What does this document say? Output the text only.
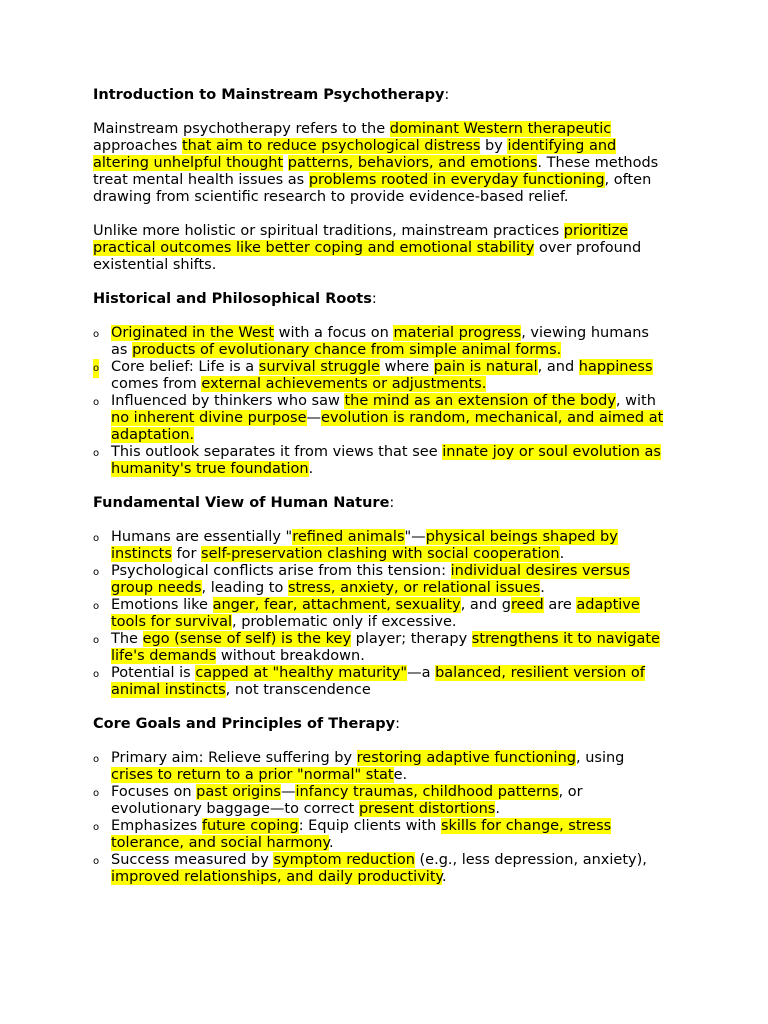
Introduction to Mainstream Psychotherapy:

Mainstream psychotherapy refers to the dominant Western therapeutic approaches that aim to reduce psychological distress by identifying and altering unhelpful thought patterns, behaviors, and emotions. These methods treat mental health issues as problems rooted in everyday functioning, often drawing from scientific research to provide evidence-based relief.

Unlike more holistic or spiritual traditions, mainstream practices prioritize practical outcomes like better coping and emotional stability over profound existential shifts.

Historical and Philosophical Roots:
o Originated in the West with a focus on material progress, viewing humans as products of evolutionary chance from simple animal forms.
o Core belief: Life is a survival struggle where pain is natural, and happiness comes from external achievements or adjustments.
o Influenced by thinkers who saw the mind as an extension of the body, with no inherent divine purpose—evolution is random, mechanical, and aimed at adaptation.
o This outlook separates it from views that see innate joy or soul evolution as humanity's true foundation.
Fundamental View of Human Nature:
o Humans are essentially "refined animals"—physical beings shaped by instincts for self-preservation clashing with social cooperation.
o Psychological conflicts arise from this tension: individual desires versus group needs, leading to stress, anxiety, or relational issues.
o Emotions like anger, fear, attachment, sexuality, and greed are adaptive tools for survival, problematic only if excessive.
o The ego (sense of self) is the key player; therapy strengthens it to navigate life's demands without breakdown.
o Potential is capped at "healthy maturity"—a balanced, resilient version of animal instincts, not transcendence
Core Goals and Principles of Therapy:
o Primary aim: Relieve suffering by restoring adaptive functioning, using crises to return to a prior "normal" state.
o Focuses on past origins—infancy traumas, childhood patterns, or evolutionary baggage—to correct present distortions.
o Emphasizes future coping: Equip clients with skills for change, stress tolerance, and social harmony.
o Success measured by symptom reduction (e.g., less depression, anxiety), improved relationships, and daily productivity.
